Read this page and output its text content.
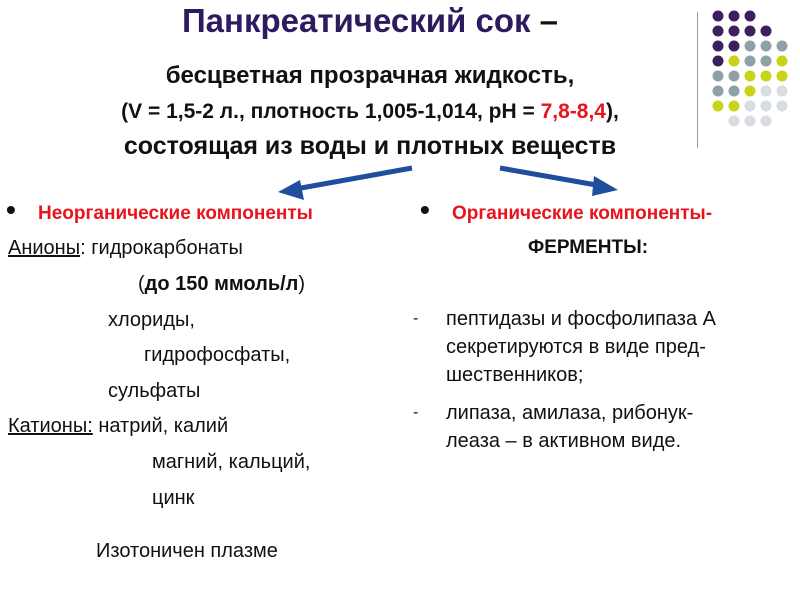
Панкреатический сок –
бесцветная прозрачная жидкость,
(V = 1,5-2 л., плотность 1,005-1,014, pH = 7,8-8,4),
состоящая из воды и плотных веществ
• Неорганические компоненты
Анионы: гидрокарбонаты
(до 150 ммоль/л)
хлориды,
гидрофосфаты,
сульфаты
Катионы: натрий, калий
магний, кальций,
цинк
Изотоничен плазме
• Органические компоненты-
ФЕРМЕНТЫ:
- пептидазы и фосфолипаза А
секретируются в виде пред-
шественников;
- липаза, амилаза, рибонук-
леаза – в активном виде.
